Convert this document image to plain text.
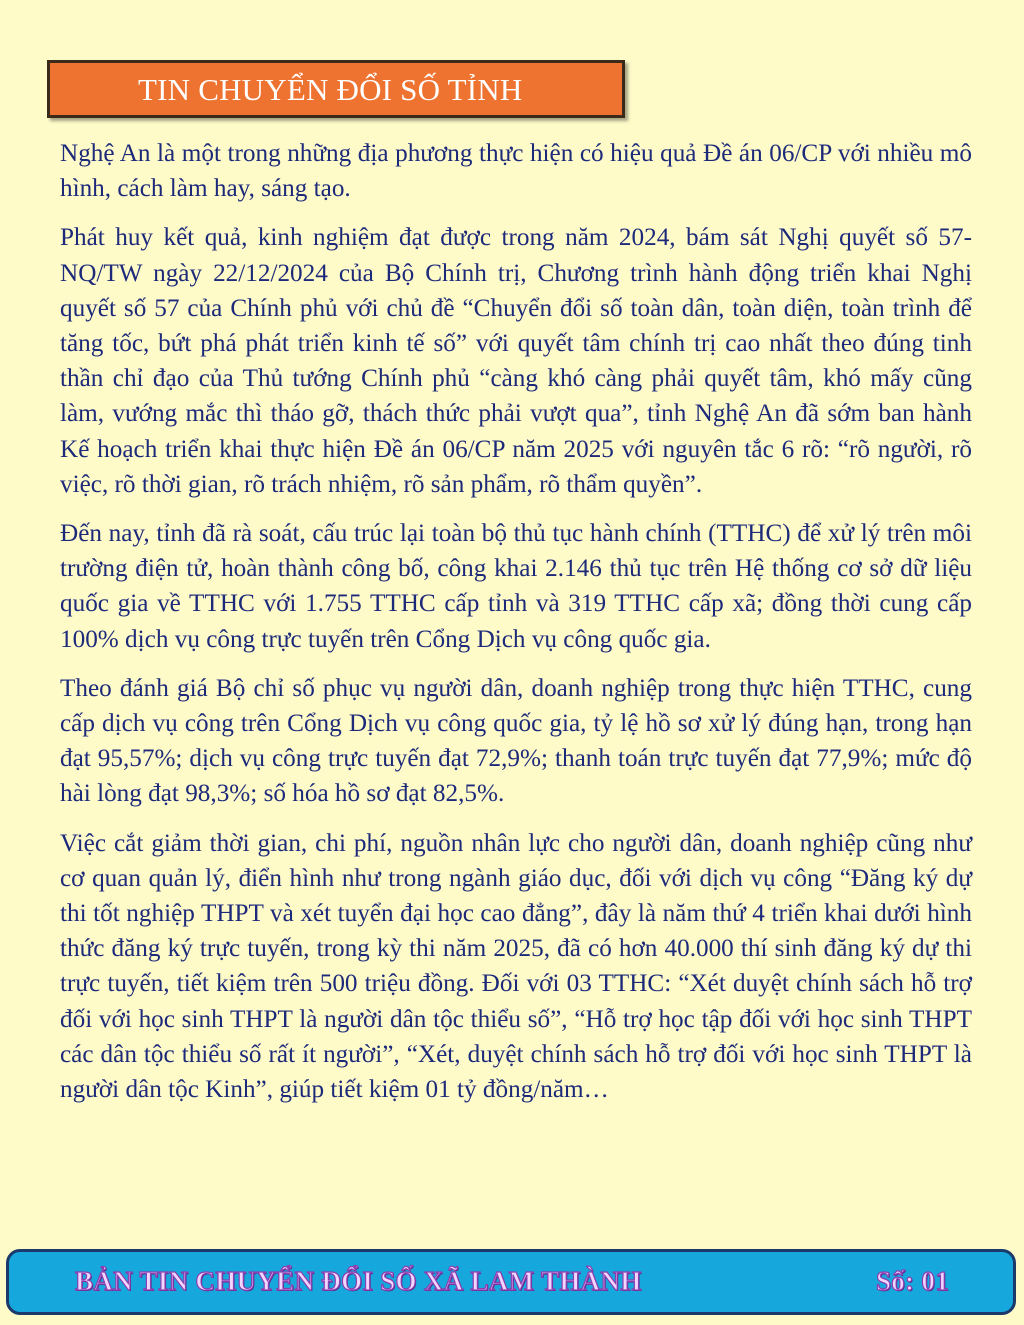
TIN CHUYỂN ĐỔI SỐ TỈNH

Nghệ An là một trong những địa phương thực hiện có hiệu quả Đề án 06/CP với nhiều mô hình, cách làm hay, sáng tạo.

Phát huy kết quả, kinh nghiệm đạt được trong năm 2024, bám sát Nghị quyết số 57-NQ/TW ngày 22/12/2024 của Bộ Chính trị, Chương trình hành động triển khai Nghị quyết số 57 của Chính phủ với chủ đề “Chuyển đổi số toàn dân, toàn diện, toàn trình để tăng tốc, bứt phá phát triển kinh tế số” với quyết tâm chính trị cao nhất theo đúng tinh thần chỉ đạo của Thủ tướng Chính phủ “càng khó càng phải quyết tâm, khó mấy cũng làm, vướng mắc thì tháo gỡ, thách thức phải vượt qua”, tỉnh Nghệ An đã sớm ban hành Kế hoạch triển khai thực hiện Đề án 06/CP năm 2025 với nguyên tắc 6 rõ: “rõ người, rõ việc, rõ thời gian, rõ trách nhiệm, rõ sản phẩm, rõ thẩm quyền”.

Đến nay, tỉnh đã rà soát, cấu trúc lại toàn bộ thủ tục hành chính (TTHC) để xử lý trên môi trường điện tử, hoàn thành công bố, công khai 2.146 thủ tục trên Hệ thống cơ sở dữ liệu quốc gia về TTHC với 1.755 TTHC cấp tỉnh và 319 TTHC cấp xã; đồng thời cung cấp 100% dịch vụ công trực tuyến trên Cổng Dịch vụ công quốc gia.

Theo đánh giá Bộ chỉ số phục vụ người dân, doanh nghiệp trong thực hiện TTHC, cung cấp dịch vụ công trên Cổng Dịch vụ công quốc gia, tỷ lệ hồ sơ xử lý đúng hạn, trong hạn đạt 95,57%; dịch vụ công trực tuyến đạt 72,9%; thanh toán trực tuyến đạt 77,9%; mức độ hài lòng đạt 98,3%; số hóa hồ sơ đạt 82,5%.

Việc cắt giảm thời gian, chi phí, nguồn nhân lực cho người dân, doanh nghiệp cũng như cơ quan quản lý, điển hình như trong ngành giáo dục, đối với dịch vụ công “Đăng ký dự thi tốt nghiệp THPT và xét tuyển đại học cao đẳng”, đây là năm thứ 4 triển khai dưới hình thức đăng ký trực tuyến, trong kỳ thi năm 2025, đã có hơn 40.000 thí sinh đăng ký dự thi trực tuyến, tiết kiệm trên 500 triệu đồng. Đối với 03 TTHC: “Xét duyệt chính sách hỗ trợ đối với học sinh THPT là người dân tộc thiểu số”, “Hỗ trợ học tập đối với học sinh THPT các dân tộc thiểu số rất ít người”, “Xét, duyệt chính sách hỗ trợ đối với học sinh THPT là người dân tộc Kinh”, giúp tiết kiệm 01 tỷ đồng/năm…

BẢN TIN CHUYỂN ĐỔI SỐ XÃ LAM THÀNH	Số: 01
